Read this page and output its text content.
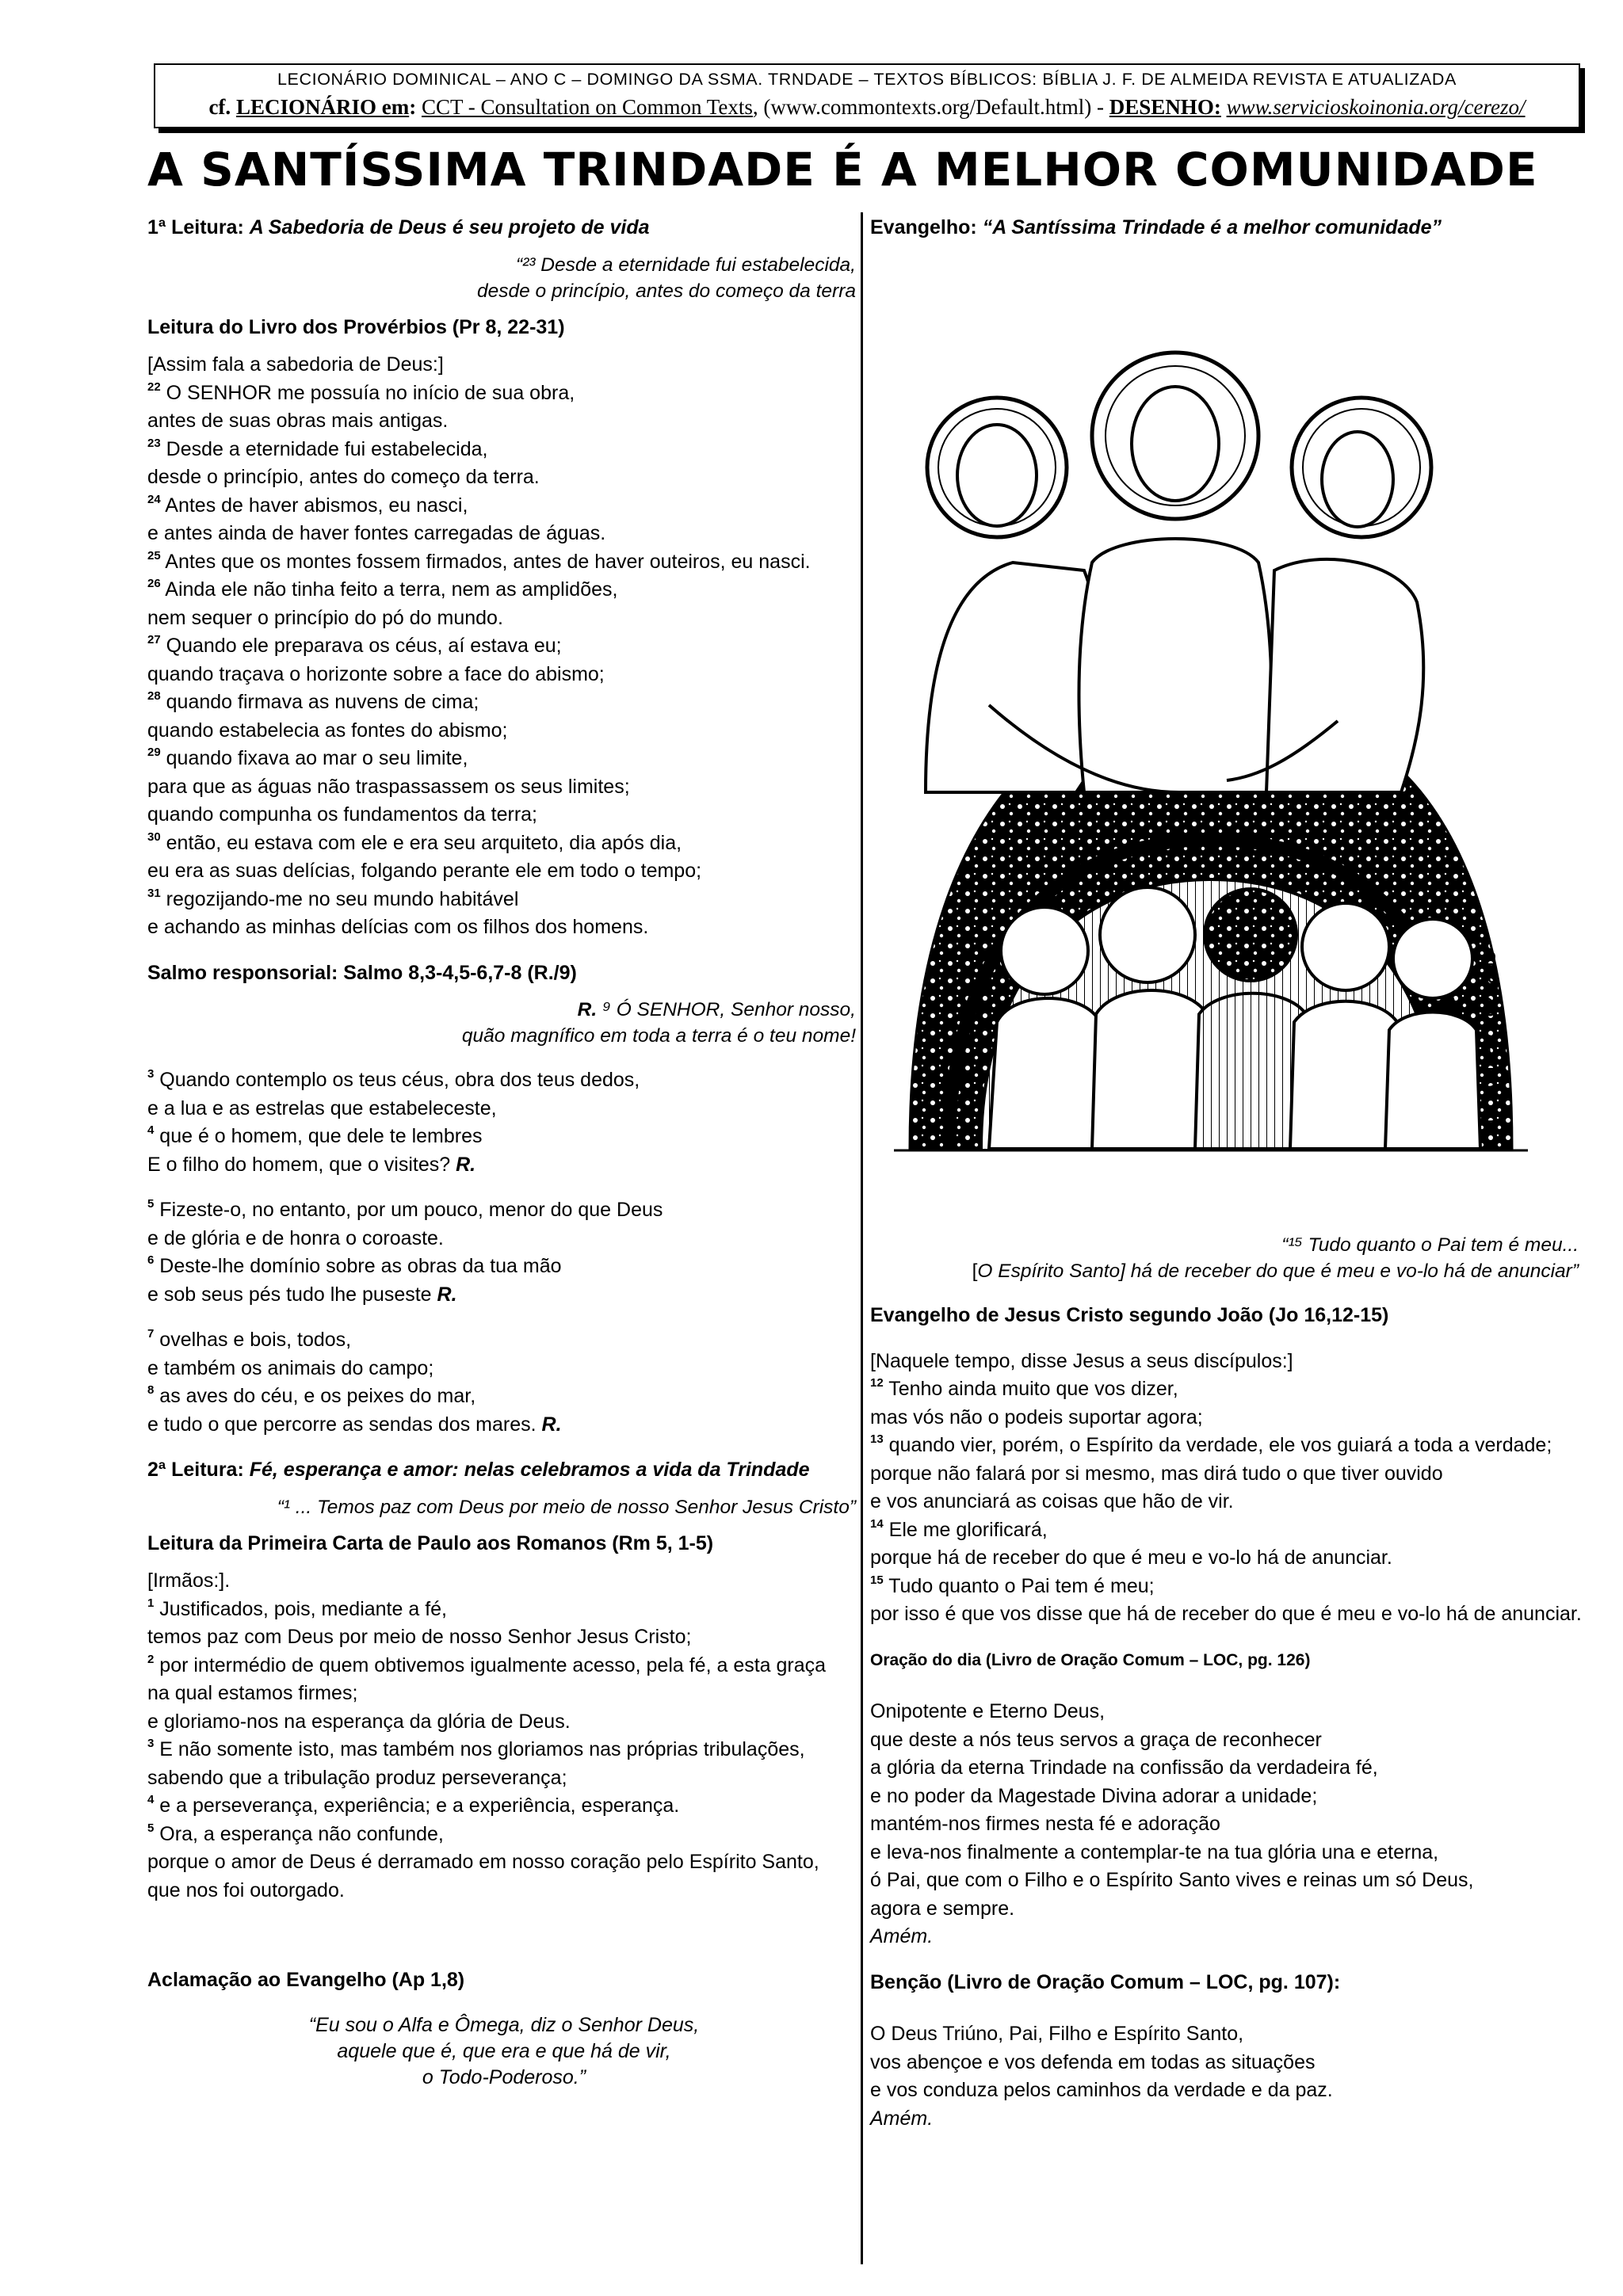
LECIONÁRIO DOMINICAL – ANO C – DOMINGO DA SSMA. TRNDADE – TEXTOS BÍBLICOS: BÍBLIA J. F. DE ALMEIDA REVISTA E ATUALIZADA
cf. LECIONÁRIO em: CCT - Consultation on Common Texts, (www.commontexts.org/Default.html) - DESENHO: www.servicioskoinonia.org/cerezo/
A SANTÍSSIMA TRINDADE É A MELHOR COMUNIDADE

1ª Leitura: A Sabedoria de Deus é seu projeto de vida

“²³ Desde a eternidade fui estabelecida,
desde o princípio, antes do começo da terra

Leitura do Livro dos Provérbios (Pr 8, 22-31)

[Assim fala a sabedoria de Deus:]

$^{22}$ O SENHOR me possuía no início de sua obra,

antes de suas obras mais antigas.

$^{23}$ Desde a eternidade fui estabelecida,

desde o princípio, antes do começo da terra.

$^{24}$ Antes de haver abismos, eu nasci,

e antes ainda de haver fontes carregadas de águas.

$^{25}$ Antes que os montes fossem firmados, antes de haver outeiros, eu nasci.

$^{26}$ Ainda ele não tinha feito a terra, nem as amplidões,

nem sequer o princípio do pó do mundo.

$^{27}$ Quando ele preparava os céus, aí estava eu;

quando traçava o horizonte sobre a face do abismo;

$^{28}$ quando firmava as nuvens de cima;

quando estabelecia as fontes do abismo;

$^{29}$ quando fixava ao mar o seu limite,

para que as águas não traspassassem os seus limites;

quando compunha os fundamentos da terra;

$^{30}$ então, eu estava com ele e era seu arquiteto, dia após dia,

eu era as suas delícias, folgando perante ele em todo o tempo;

$^{31}$ regozijando-me no seu mundo habitável

e achando as minhas delícias com os filhos dos homens.

Salmo responsorial: Salmo 8,3-4,5-6,7-8 (R./9)

R. ⁹ Ó SENHOR, Senhor nosso,
quão magnífico em toda a terra é o teu nome!

$^3$ Quando contemplo os teus céus, obra dos teus dedos,

e a lua e as estrelas que estabeleceste,

$^4$ que é o homem, que dele te lembres

E o filho do homem, que o visites? R.

$^5$ Fizeste-o, no entanto, por um pouco, menor do que Deus

e de glória e de honra o coroaste.

$^6$ Deste-lhe domínio sobre as obras da tua mão

e sob seus pés tudo lhe puseste R.

$^7$ ovelhas e bois, todos,

e também os animais do campo;

$^8$ as aves do céu, e os peixes do mar,

e tudo o que percorre as sendas dos mares. R.

2ª Leitura: Fé, esperança e amor: nelas celebramos a vida da Trindade

“¹ ... Temos paz com Deus por meio de nosso Senhor Jesus Cristo”

Leitura da Primeira Carta de Paulo aos Romanos (Rm 5, 1-5)

[Irmãos:].

$^1$ Justificados, pois, mediante a fé,

temos paz com Deus por meio de nosso Senhor Jesus Cristo;

$^2$ por intermédio de quem obtivemos igualmente acesso, pela fé, a esta graça

na qual estamos firmes;

e gloriamo-nos na esperança da glória de Deus.

$^3$ E não somente isto, mas também nos gloriamos nas próprias tribulações,

sabendo que a tribulação produz perseverança;

$^4$ e a perseverança, experiência; e a experiência, esperança.

$^5$ Ora, a esperança não confunde,

porque o amor de Deus é derramado em nosso coração pelo Espírito Santo,

que nos foi outorgado.

Aclamação ao Evangelho (Ap 1,8)

“Eu sou o Alfa e Ômega, diz o Senhor Deus,
aquele que é, que era e que há de vir,
o Todo-Poderoso.”

Evangelho: “A Santíssima Trindade é a melhor comunidade”

CEREZO BARREDO 00
“¹⁵ Tudo quanto o Pai tem é meu...
[O Espírito Santo] há de receber do que é meu e vo-lo há de anunciar”

Evangelho de Jesus Cristo segundo João (Jo 16,12-15)

[Naquele tempo, disse Jesus a seus discípulos:]

$^{12}$ Tenho ainda muito que vos dizer,

mas vós não o podeis suportar agora;

$^{13}$ quando vier, porém, o Espírito da verdade, ele vos guiará a toda a verdade;

porque não falará por si mesmo, mas dirá tudo o que tiver ouvido

e vos anunciará as coisas que hão de vir.

$^{14}$ Ele me glorificará,

porque há de receber do que é meu e vo-lo há de anunciar.

$^{15}$ Tudo quanto o Pai tem é meu;

por isso é que vos disse que há de receber do que é meu e vo-lo há de anunciar.

Oração do dia (Livro de Oração Comum – LOC, pg. 126)

Onipotente e Eterno Deus,

que deste a nós teus servos a graça de reconhecer

a glória da eterna Trindade na confissão da verdadeira fé,

e no poder da Magestade Divina adorar a unidade;

mantém-nos firmes nesta fé e adoração

e leva-nos finalmente a contemplar-te na tua glória una e eterna,

ó Pai, que com o Filho e o Espírito Santo vives e reinas um só Deus,

agora e sempre.

Amém.

Benção (Livro de Oração Comum – LOC, pg. 107):

O Deus Triúno, Pai, Filho e Espírito Santo,

vos abençoe e vos defenda em todas as situações

e vos conduza pelos caminhos da verdade e da paz.

Amém.
